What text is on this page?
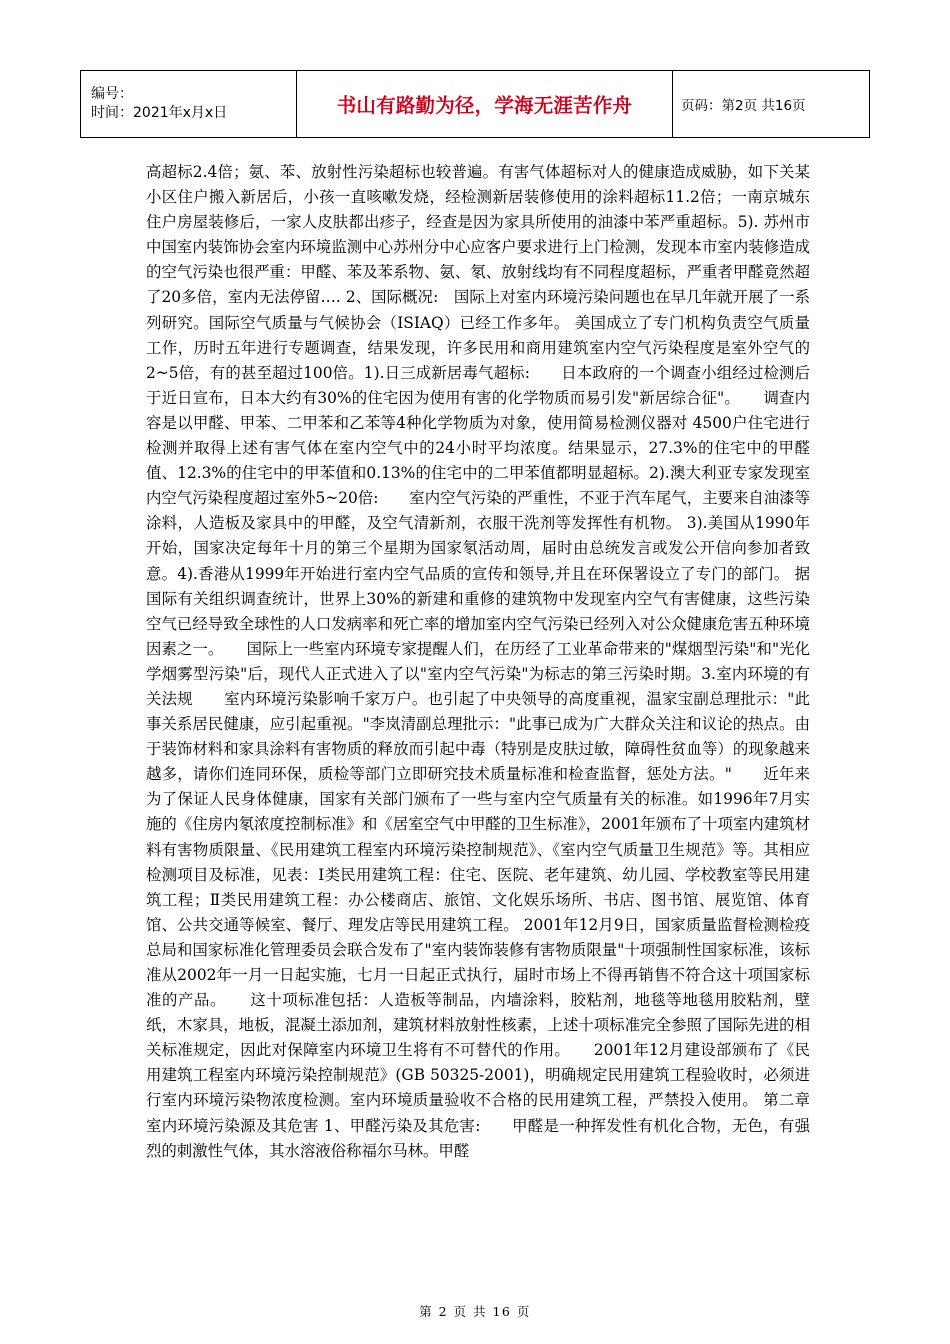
编号：
时间：2021年x月x日	书山有路勤为径，学海无涯苦作舟	页码：第2页 共16页

高超标2.4倍；氨、苯、放射性污染超标也较普遍。有害气体超标对人的健康造成威胁，如下关某小区住户搬入新居后，小孩一直咳嗽发烧，经检测新居装修使用的涂料超标11.2倍；一南京城东住户房屋装修后，一家人皮肤都出疹子，经查是因为家具所使用的油漆中苯严重超标。5). 苏州市　　中国室内装饰协会室内环境监测中心苏州分中心应客户要求进行上门检测，发现本市室内装修造成的空气污染也很严重：甲醛、苯及苯系物、氨、氡、放射线均有不同程度超标，严重者甲醛竟然超了20多倍，室内无法停留…. 2、国际概况:　国际上对室内环境污染问题也在早几年就开展了一系列研究。国际空气质量与气候协会（ISIAQ）已经工作多年。 美国成立了专门机构负责空气质量工作，历时五年进行专题调查，结果发现，许多民用和商用建筑室内空气污染程度是室外空气的2~5倍，有的甚至超过100倍。1).日三成新居毒气超标:　　日本政府的一个调查小组经过检测后于近日宣布，日本大约有30%的住宅因为使用有害的化学物质而易引发"新居综合征"。　　调查内容是以甲醛、甲苯、二甲苯和乙苯等4种化学物质为对象，使用简易检测仪器对 4500户住宅进行检测并取得上述有害气体在室内空气中的24小时平均浓度。结果显示，27.3%的住宅中的甲醛值、12.3%的住宅中的甲苯值和0.13%的住宅中的二甲苯值都明显超标。2).澳大利亚专家发现室内空气污染程度超过室外5~20倍:　　室内空气污染的严重性，不亚于汽车尾气，主要来自油漆等涂料，人造板及家具中的甲醛，及空气清新剂，衣服干洗剂等发挥性有机物。 3).美国从1990年开始，国家决定每年十月的第三个星期为国家氡活动周，届时由总统发言或发公开信向参加者致意。4).香港从1999年开始进行室内空气品质的宣传和领导,并且在环保署设立了专门的部门。 据国际有关组织调查统计，世界上30%的新建和重修的建筑物中发现室内空气有害健康，这些污染空气已经导致全球性的人口发病率和死亡率的增加室内空气污染已经列入对公众健康危害五种环境因素之一。　　国际上一些室内环境专家提醒人们，在历经了工业革命带来的"煤烟型污染"和"光化学烟雾型污染"后，现代人正式进入了以"室内空气污染"为标志的第三污染时期。3.室内环境的有关法规　　室内环境污染影响千家万户。也引起了中央领导的高度重视，温家宝副总理批示："此事关系居民健康，应引起重视。"李岚清副总理批示："此事已成为广大群众关注和议论的热点。由于装饰材料和家具涂料有害物质的释放而引起中毒（特别是皮肤过敏，障碍性贫血等）的现象越来越多，请你们连同环保，质检等部门立即研究技术质量标准和检查监督，惩处方法。"　　近年来为了保证人民身体健康，国家有关部门颁布了一些与室内空气质量有关的标准。如1996年7月实施的《住房内氡浓度控制标准》和《居室空气中甲醛的卫生标准》，2001年颁布了十项室内建筑材料有害物质限量、《民用建筑工程室内环境污染控制规范》、《室内空气质量卫生规范》等。其相应检测项目及标准，见表：I类民用建筑工程：住宅、医院、老年建筑、幼儿园、学校教室等民用建筑工程；Ⅱ类民用建筑工程：办公楼商店、旅馆、文化娱乐场所、书店、图书馆、展览馆、体育馆、公共交通等候室、餐厅、理发店等民用建筑工程。 2001年12月9日，国家质量监督检测检疫总局和国家标准化管理委员会联合发布了"室内装饰装修有害物质限量"十项强制性国家标准，该标准从2002年一月一日起实施，七月一日起正式执行，届时市场上不得再销售不符合这十项国家标准的产品。　　这十项标准包括：人造板等制品，内墙涂料，胶粘剂，地毯等地毯用胶粘剂，壁纸，木家具，地板，混凝土添加剂，建筑材料放射性核素，上述十项标准完全参照了国际先进的相关标准规定，因此对保障室内环境卫生将有不可替代的作用。　　2001年12月建设部颁布了《民用建筑工程室内环境污染控制规范》(GB 50325-2001)，明确规定民用建筑工程验收时，必须进行室内环境污染物浓度检测。室内环境质量验收不合格的民用建筑工程，严禁投入使用。 第二章　室内环境污染源及其危害 1、甲醛污染及其危害:　　甲醛是一种挥发性有机化合物，无色，有强烈的刺激性气体，其水溶液俗称福尔马林。甲醛

第 2 页 共 16 页
